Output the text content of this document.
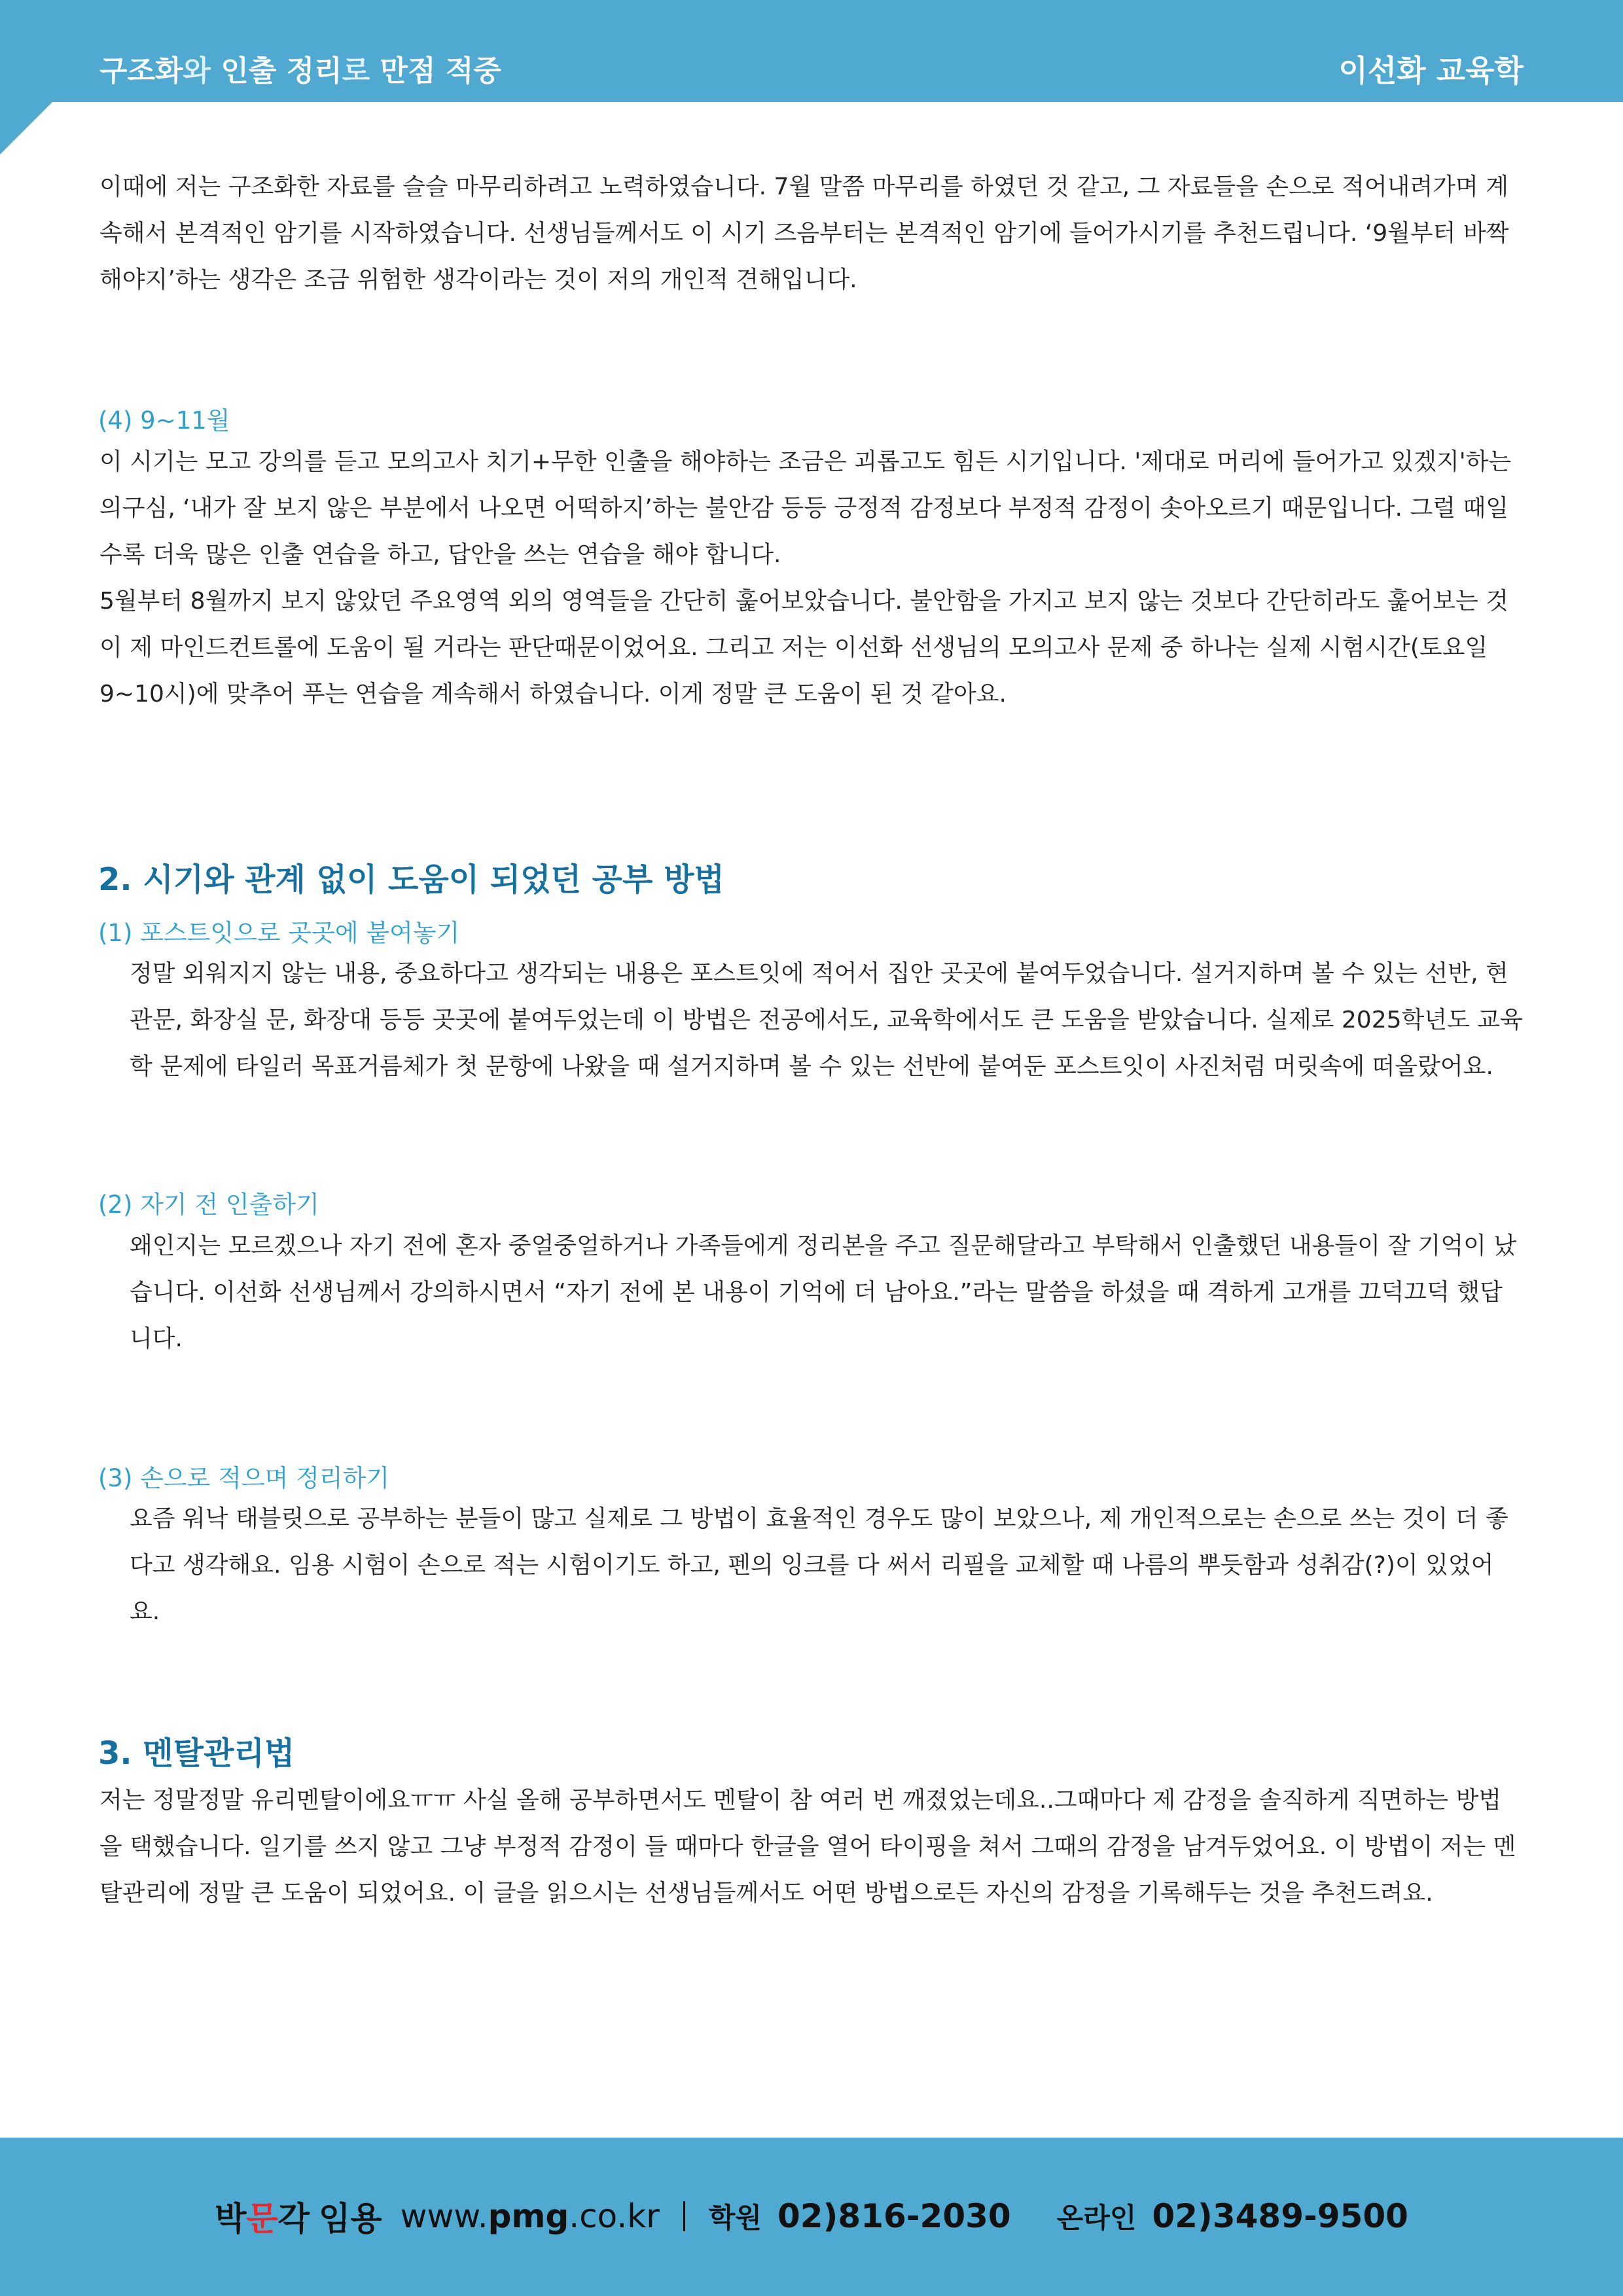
구조화와 인출 정리로 만점 적중	이선화 교육학
이때에 저는 구조화한 자료를 슬슬 마무리하려고 노력하였습니다. 7월 말쯤 마무리를 하였던 것 같고, 그 자료들을 손으로 적어내려가며 계속해서 본격적인 암기를 시작하였습니다. 선생님들께서도 이 시기 즈음부터는 본격적인 암기에 들어가시기를 추천드립니다. ‘9월부터 바짝 해야지’하는 생각은 조금 위험한 생각이라는 것이 저의 개인적 견해입니다.
(4) 9~11월
이 시기는 모고 강의를 듣고 모의고사 치기+무한 인출을 해야하는 조금은 괴롭고도 힘든 시기입니다. '제대로 머리에 들어가고 있겠지'하는 의구심, ‘내가 잘 보지 않은 부분에서 나오면 어떡하지’하는 불안감 등등 긍정적 감정보다 부정적 감정이 솟아오르기 때문입니다. 그럴 때일수록 더욱 많은 인출 연습을 하고, 답안을 쓰는 연습을 해야 합니다.
5월부터 8월까지 보지 않았던 주요영역 외의 영역들을 간단히 훑어보았습니다. 불안함을 가지고 보지 않는 것보다 간단히라도 훑어보는 것이 제 마인드컨트롤에 도움이 될 거라는 판단때문이었어요. 그리고 저는 이선화 선생님의 모의고사 문제 중 하나는 실제 시험시간(토요일 9~10시)에 맞추어 푸는 연습을 계속해서 하였습니다. 이게 정말 큰 도움이 된 것 같아요.
2. 시기와 관계 없이 도움이 되었던 공부 방법
(1) 포스트잇으로 곳곳에 붙여놓기
정말 외워지지 않는 내용, 중요하다고 생각되는 내용은 포스트잇에 적어서 집안 곳곳에 붙여두었습니다. 설거지하며 볼 수 있는 선반, 현관문, 화장실 문, 화장대 등등 곳곳에 붙여두었는데 이 방법은 전공에서도, 교육학에서도 큰 도움을 받았습니다. 실제로 2025학년도 교육학 문제에 타일러 목표거름체가 첫 문항에 나왔을 때 설거지하며 볼 수 있는 선반에 붙여둔 포스트잇이 사진처럼 머릿속에 떠올랐어요.
(2) 자기 전 인출하기
왜인지는 모르겠으나 자기 전에 혼자 중얼중얼하거나 가족들에게 정리본을 주고 질문해달라고 부탁해서 인출했던 내용들이 잘 기억이 났습니다. 이선화 선생님께서 강의하시면서 “자기 전에 본 내용이 기억에 더 남아요.”라는 말씀을 하셨을 때 격하게 고개를 끄덕끄덕 했답니다.
(3) 손으로 적으며 정리하기
요즘 워낙 태블릿으로 공부하는 분들이 많고 실제로 그 방법이 효율적인 경우도 많이 보았으나, 제 개인적으로는 손으로 쓰는 것이 더 좋다고 생각해요. 임용 시험이 손으로 적는 시험이기도 하고, 펜의 잉크를 다 써서 리필을 교체할 때 나름의 뿌듯함과 성취감(?)이 있었어요.
3. 멘탈관리법
저는 정말정말 유리멘탈이에요ㅠㅠ 사실 올해 공부하면서도 멘탈이 참 여러 번 깨졌었는데요..그때마다 제 감정을 솔직하게 직면하는 방법을 택했습니다. 일기를 쓰지 않고 그냥 부정적 감정이 들 때마다 한글을 열어 타이핑을 쳐서 그때의 감정을 남겨두었어요. 이 방법이 저는 멘탈관리에 정말 큰 도움이 되었어요. 이 글을 읽으시는 선생님들께서도 어떤 방법으로든 자신의 감정을 기록해두는 것을 추천드려요.
박 문 각 임용 www.pmg.co.kr 학원 02)816-2030 온라인 02)3489-9500
